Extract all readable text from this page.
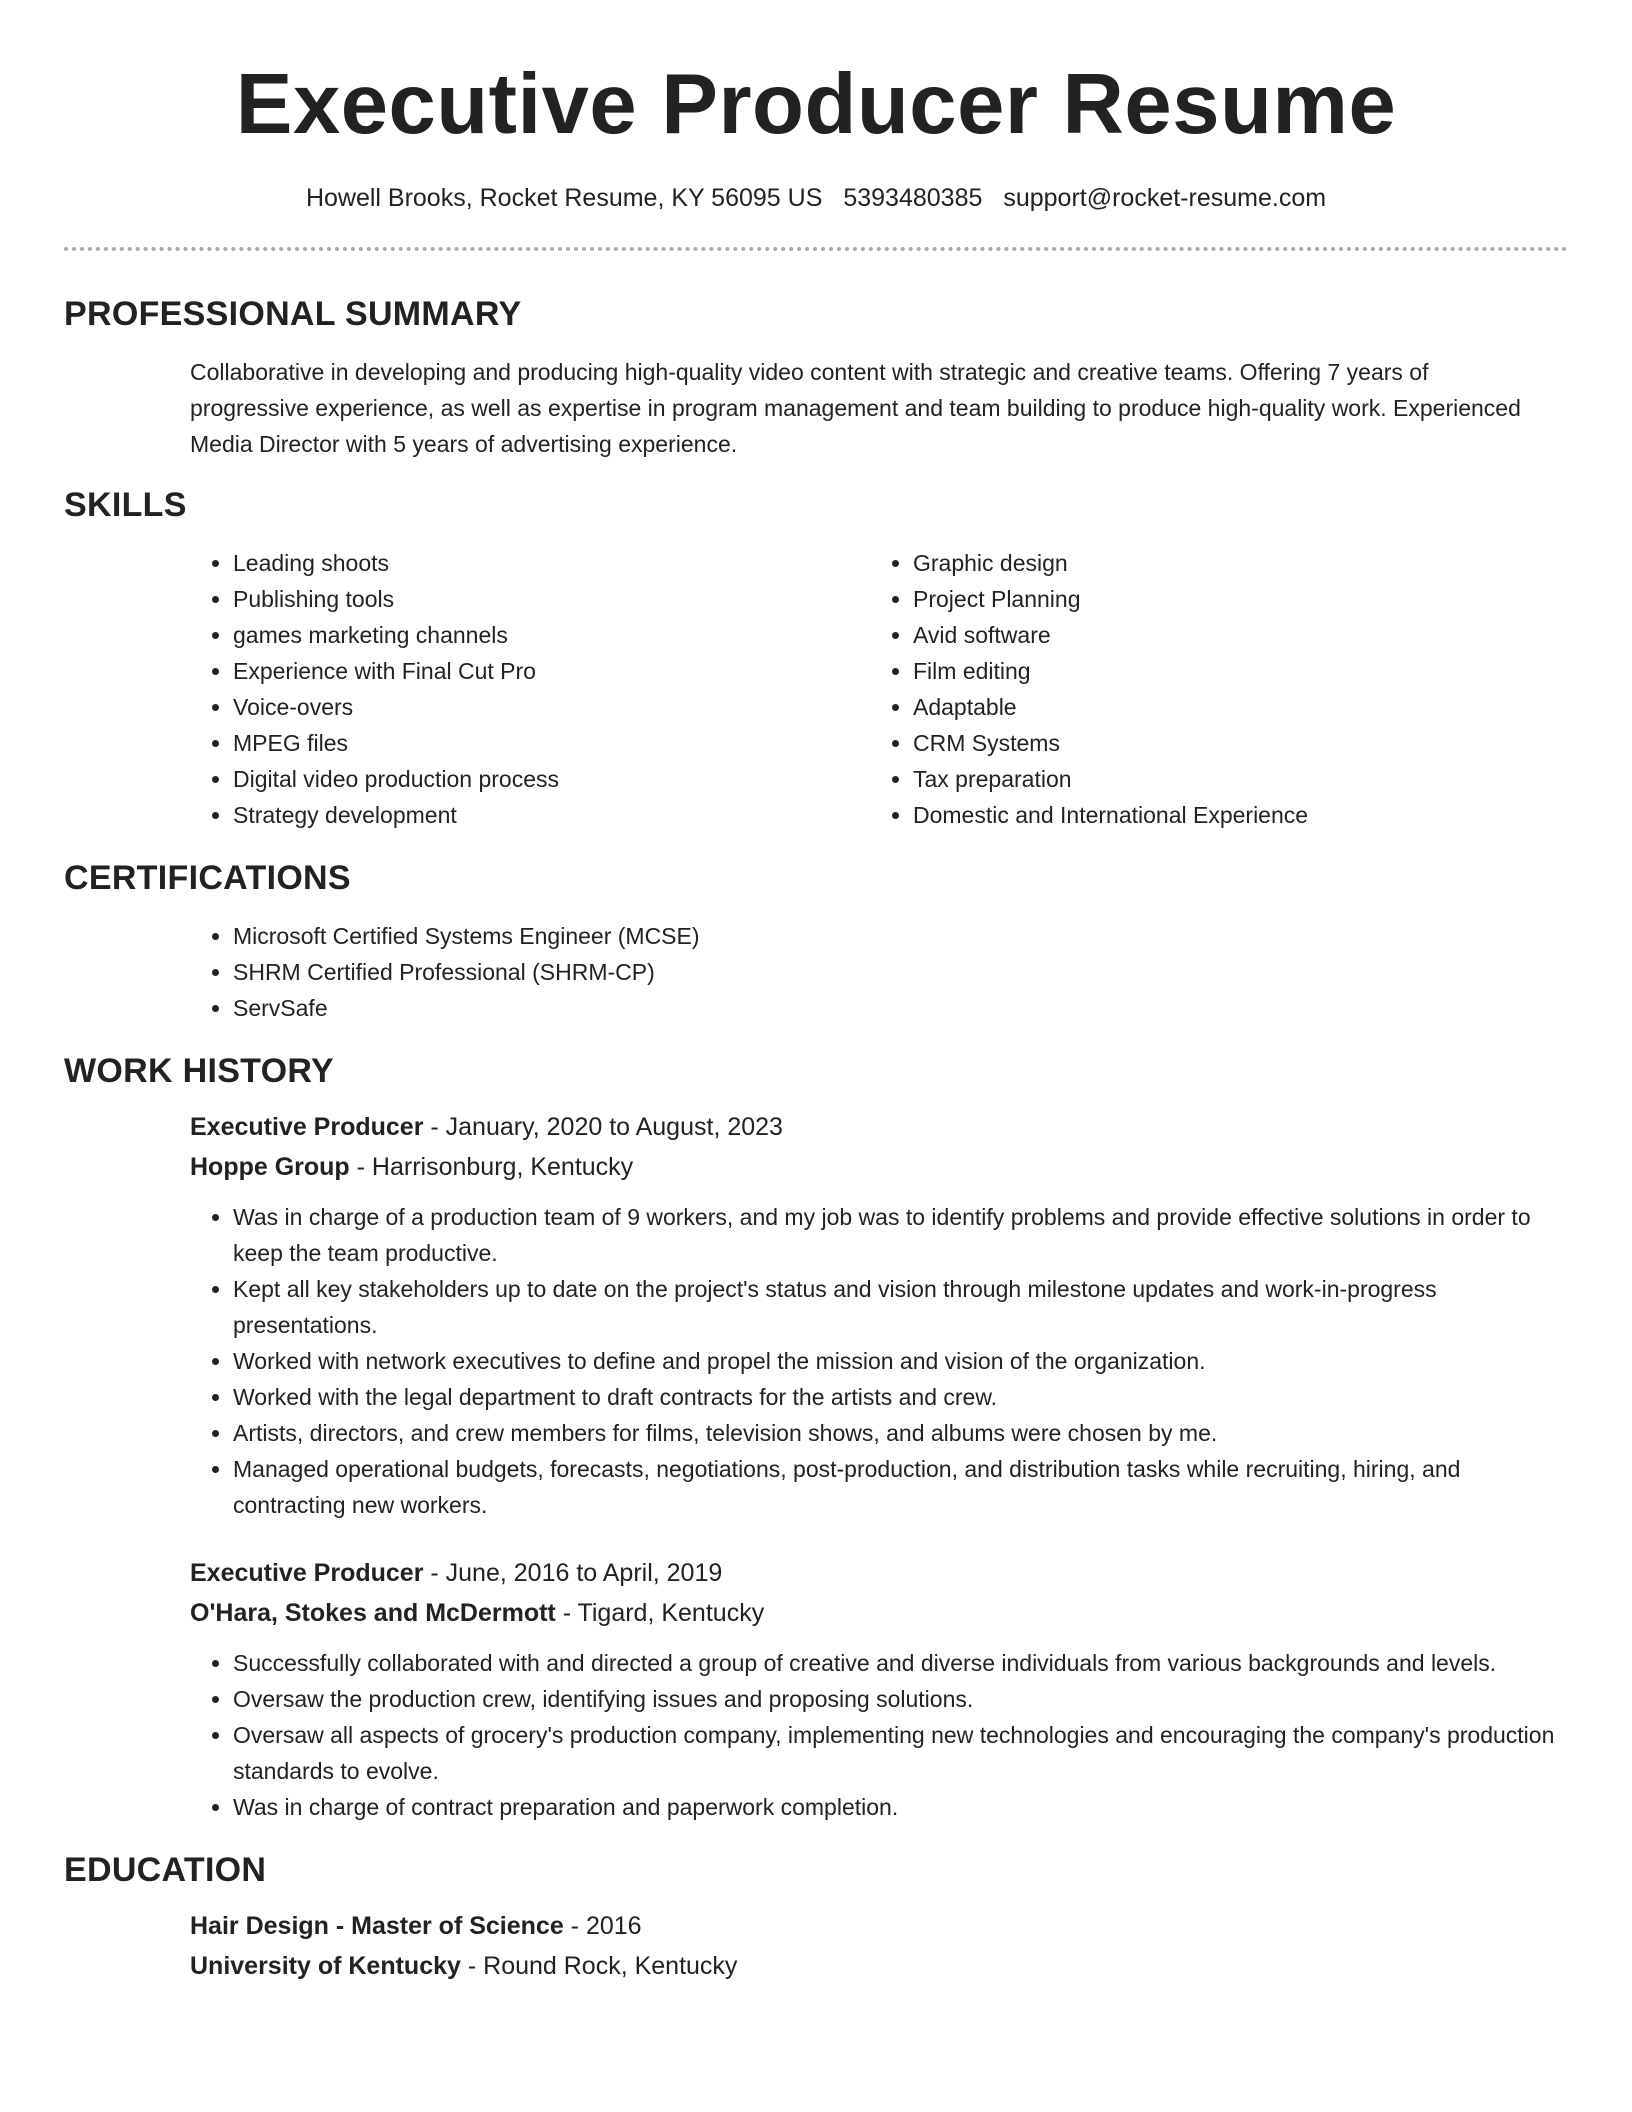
Executive Producer Resume
Howell Brooks, Rocket Resume, KY 56095 US 5393480385 support@rocket-resume.com
PROFESSIONAL SUMMARY
Collaborative in developing and producing high-quality video content with strategic and creative teams. Offering 7 years of progressive experience, as well as expertise in program management and team building to produce high-quality work. Experienced Media Director with 5 years of advertising experience.
SKILLS
• Leading shoots
• Publishing tools
• games marketing channels
• Experience with Final Cut Pro
• Voice-overs
• MPEG files
• Digital video production process
• Strategy development
• Graphic design
• Project Planning
• Avid software
• Film editing
• Adaptable
• CRM Systems
• Tax preparation
• Domestic and International Experience
CERTIFICATIONS
• Microsoft Certified Systems Engineer (MCSE)
• SHRM Certified Professional (SHRM-CP)
• ServSafe
WORK HISTORY
Executive Producer - January, 2020 to August, 2023
Hoppe Group - Harrisonburg, Kentucky
• Was in charge of a production team of 9 workers, and my job was to identify problems and provide effective solutions in order to keep the team productive.
• Kept all key stakeholders up to date on the project's status and vision through milestone updates and work-in-progress presentations.
• Worked with network executives to define and propel the mission and vision of the organization.
• Worked with the legal department to draft contracts for the artists and crew.
• Artists, directors, and crew members for films, television shows, and albums were chosen by me.
• Managed operational budgets, forecasts, negotiations, post-production, and distribution tasks while recruiting, hiring, and contracting new workers.
Executive Producer - June, 2016 to April, 2019
O'Hara, Stokes and McDermott - Tigard, Kentucky
• Successfully collaborated with and directed a group of creative and diverse individuals from various backgrounds and levels.
• Oversaw the production crew, identifying issues and proposing solutions.
• Oversaw all aspects of grocery's production company, implementing new technologies and encouraging the company's production standards to evolve.
• Was in charge of contract preparation and paperwork completion.
EDUCATION
Hair Design - Master of Science - 2016
University of Kentucky - Round Rock, Kentucky
